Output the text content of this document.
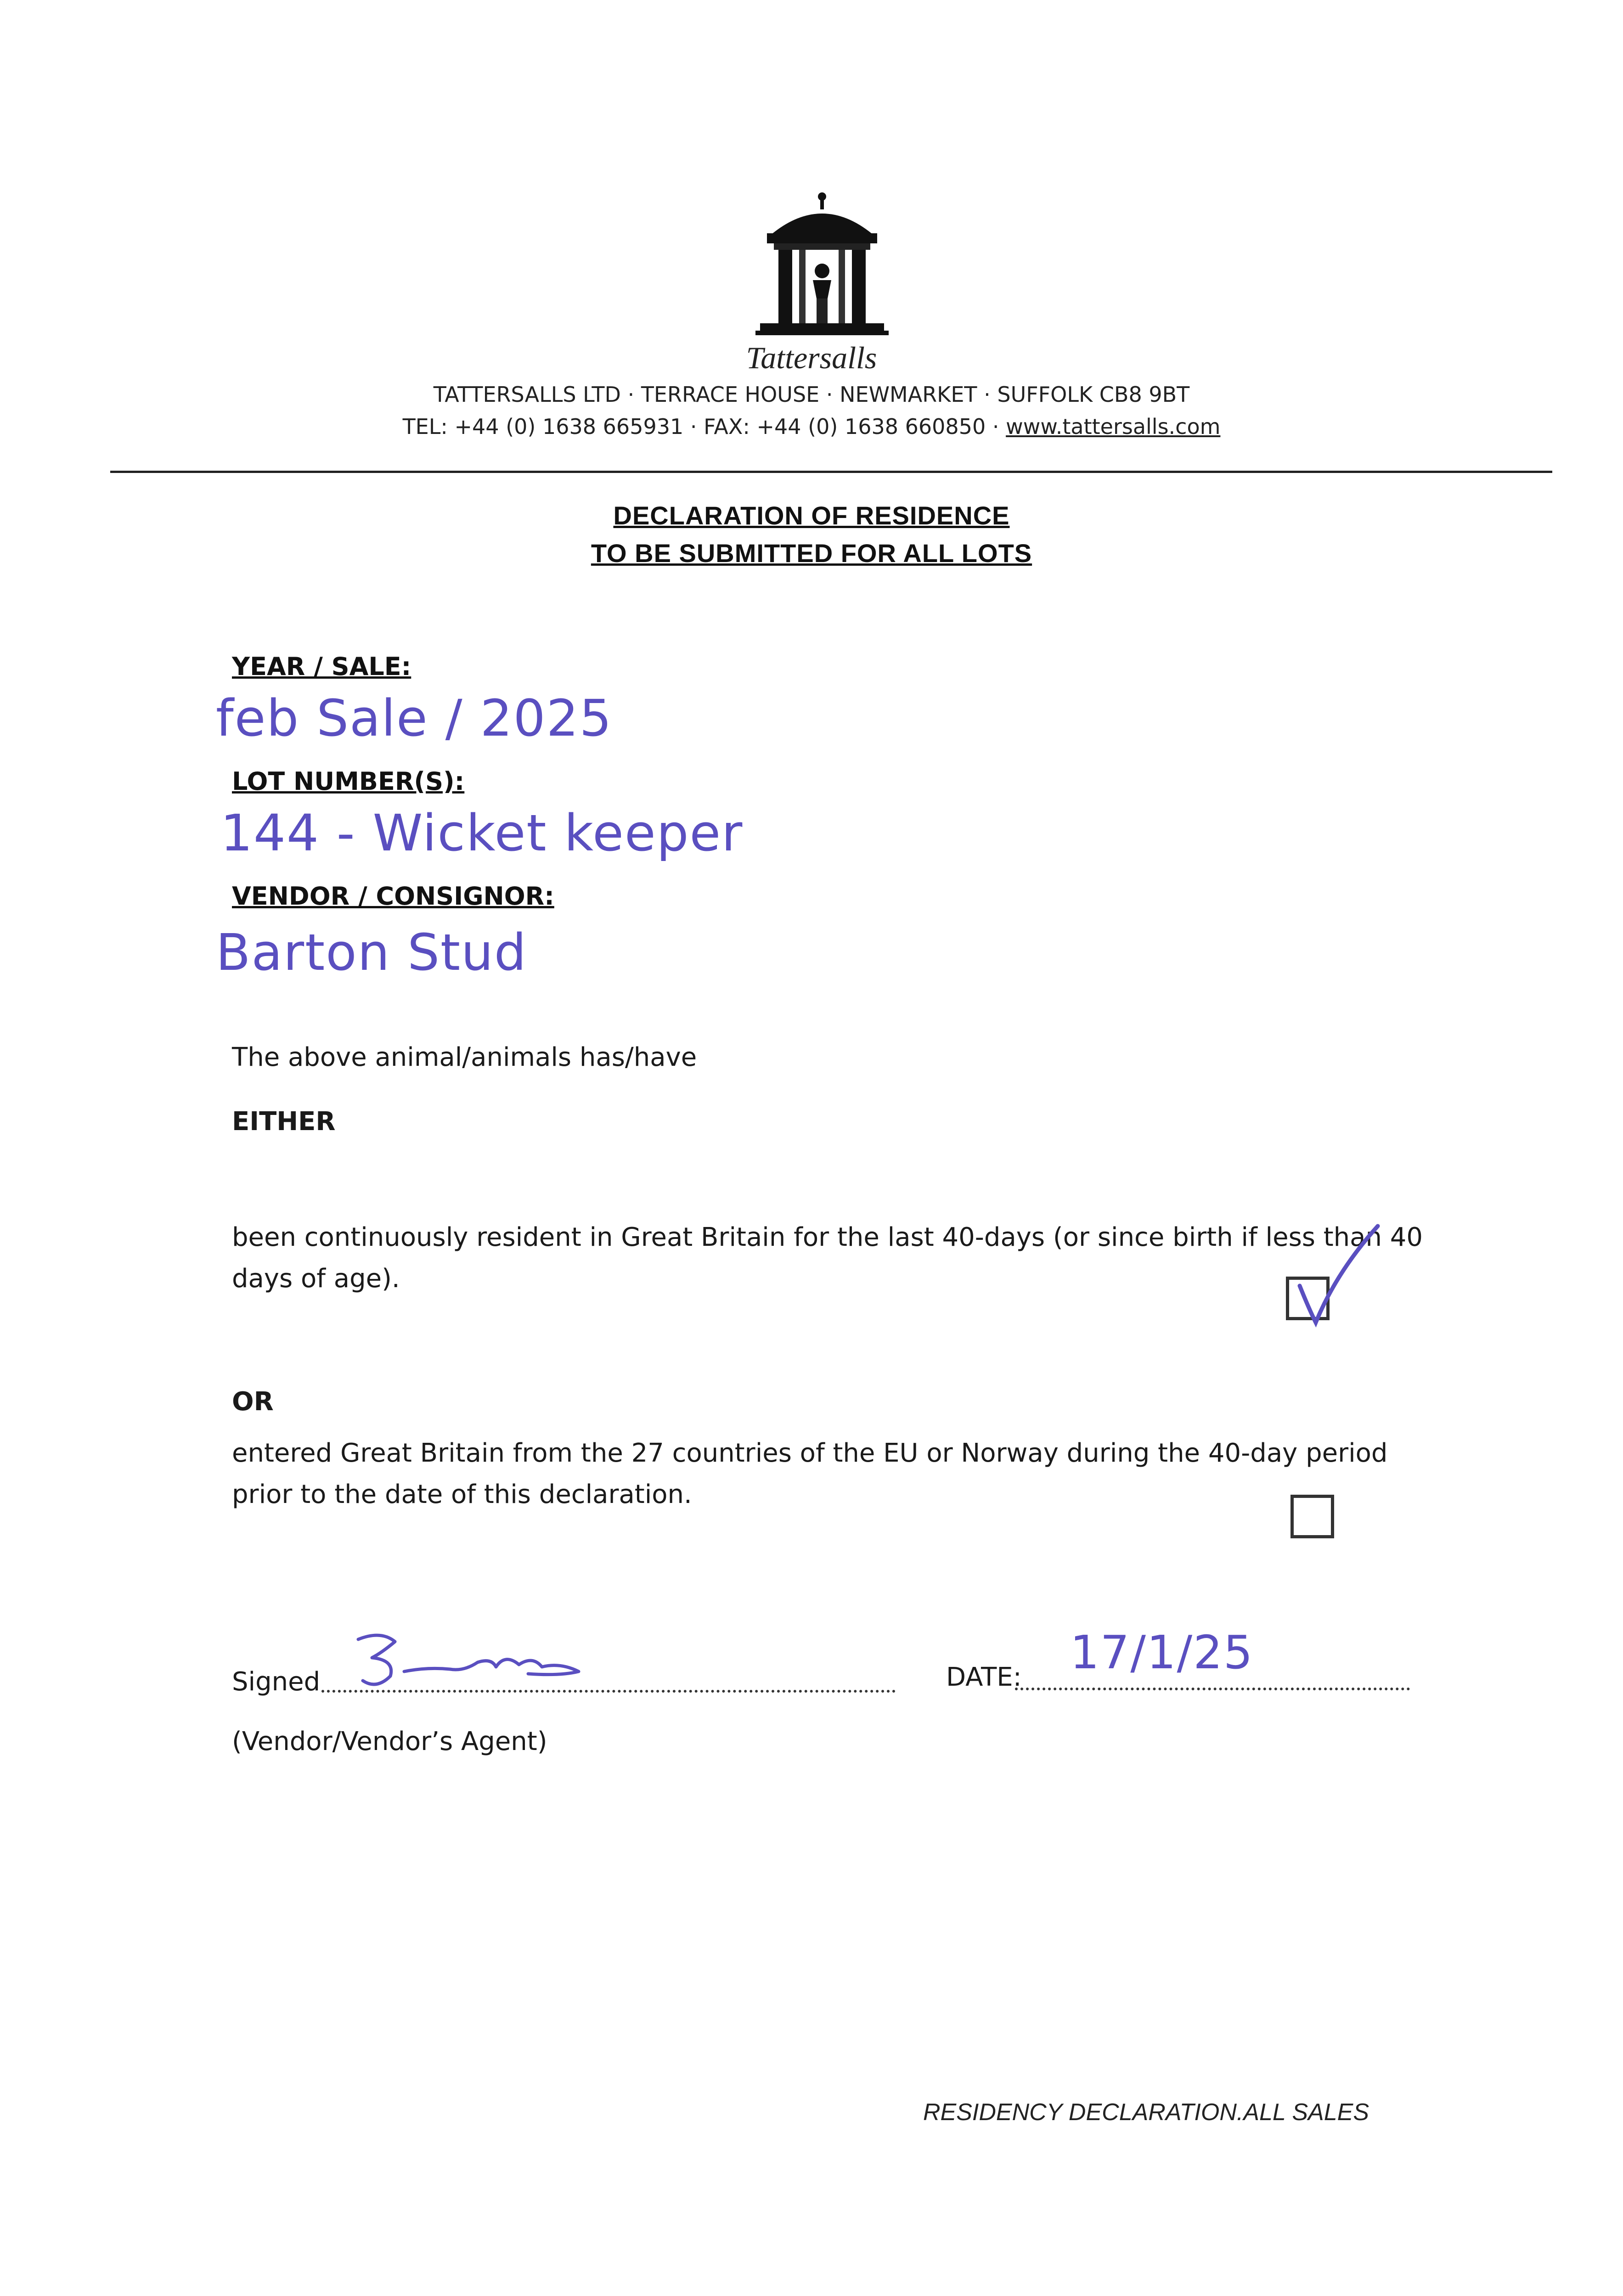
Tattersalls
TATTERSALLS LTD · TERRACE HOUSE · NEWMARKET · SUFFOLK CB8 9BT
TEL: +44 (0) 1638 665931 · FAX: +44 (0) 1638 660850 · www.tattersalls.com
DECLARATION OF RESIDENCE
TO BE SUBMITTED FOR ALL LOTS
YEAR / SALE:
feb Sale / 2025
LOT NUMBER(S):
144 - Wicket keeper
VENDOR / CONSIGNOR:
Barton Stud
The above animal/animals has/have
EITHER
been continuously resident in Great Britain for the last 40-days (or since birth if less than 40 days of age).
OR
entered Great Britain from the 27 countries of the EU or Norway during the 40-day period prior to the date of this declaration.
Signed	DATE: 17/1/25
(Vendor/Vendor’s Agent)
RESIDENCY DECLARATION.ALL SALES
